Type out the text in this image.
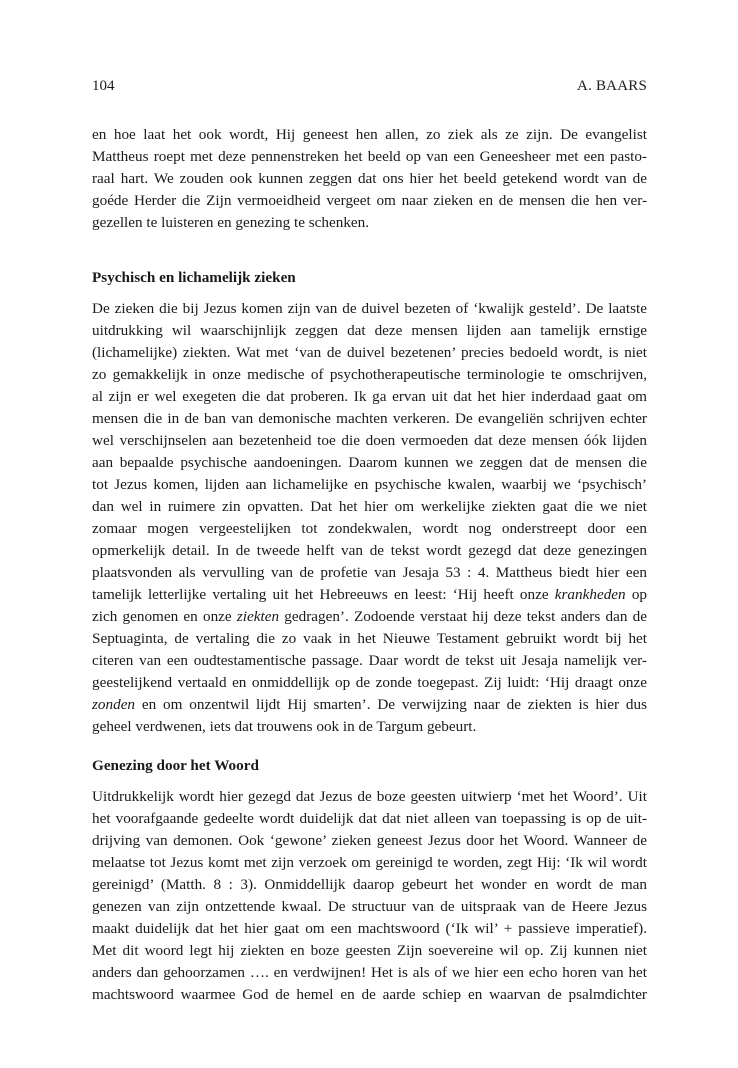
104	A. BAARS
en hoe laat het ook wordt, Hij geneest hen allen, zo ziek als ze zijn. De evangelist
Mattheus roept met deze pennenstreken het beeld op van een Geneesheer met een pasto-
raal hart. We zouden ook kunnen zeggen dat ons hier het beeld getekend wordt van de
goéde Herder die Zijn vermoeidheid vergeet om naar zieken en de mensen die hen ver-
gezellen te luisteren en genezing te schenken.
Psychisch en lichamelijk zieken
De zieken die bij Jezus komen zijn van de duivel bezeten of ‘kwalijk gesteld’. De laatste
uitdrukking wil waarschijnlijk zeggen dat deze mensen lijden aan tamelijk ernstige
(lichamelijke) ziekten. Wat met ‘van de duivel bezetenen’ precies bedoeld wordt, is niet
zo gemakkelijk in onze medische of psychotherapeutische terminologie te omschrijven,
al zijn er wel exegeten die dat proberen. Ik ga ervan uit dat het hier inderdaad gaat om
mensen die in de ban van demonische machten verkeren. De evangeliën schrijven echter
wel verschijnselen aan bezetenheid toe die doen vermoeden dat deze mensen óók lijden
aan bepaalde psychische aandoeningen. Daarom kunnen we zeggen dat de mensen die
tot Jezus komen, lijden aan lichamelijke en psychische kwalen, waarbij we ‘psychisch’
dan wel in ruimere zin opvatten. Dat het hier om werkelijke ziekten gaat die we niet
zomaar mogen vergeestelijken tot zondekwalen, wordt nog onderstreept door een
opmerkelijk detail. In de tweede helft van de tekst wordt gezegd dat deze genezingen
plaatsvonden als vervulling van de profetie van Jesaja 53 : 4. Mattheus biedt hier een
tamelijk letterlijke vertaling uit het Hebreeuws en leest: ‘Hij heeft onze krankheden op
zich genomen en onze ziekten gedragen’. Zodoende verstaat hij deze tekst anders dan de
Septuaginta, de vertaling die zo vaak in het Nieuwe Testament gebruikt wordt bij het
citeren van een oudtestamentische passage. Daar wordt de tekst uit Jesaja namelijk ver-
geestelijkend vertaald en onmiddellijk op de zonde toegepast. Zij luidt: ‘Hij draagt onze
zonden en om onzentwil lijdt Hij smarten’. De verwijzing naar de ziekten is hier dus
geheel verdwenen, iets dat trouwens ook in de Targum gebeurt.
Genezing door het Woord
Uitdrukkelijk wordt hier gezegd dat Jezus de boze geesten uitwierp ‘met het Woord’. Uit
het voorafgaande gedeelte wordt duidelijk dat dat niet alleen van toepassing is op de uit-
drijving van demonen. Ook ‘gewone’ zieken geneest Jezus door het Woord. Wanneer de
melaatse tot Jezus komt met zijn verzoek om gereinigd te worden, zegt Hij: ‘Ik wil wordt
gereinigd’ (Matth. 8 : 3). Onmiddellijk daarop gebeurt het wonder en wordt de man
genezen van zijn ontzettende kwaal. De structuur van de uitspraak van de Heere Jezus
maakt duidelijk dat het hier gaat om een machtswoord (‘Ik wil’ + passieve imperatief).
Met dit woord legt hij ziekten en boze geesten Zijn soevereine wil op. Zij kunnen niet
anders dan gehoorzamen …. en verdwijnen! Het is als of we hier een echo horen van het
machtswoord waarmee God de hemel en de aarde schiep en waarvan de psalmdichter
